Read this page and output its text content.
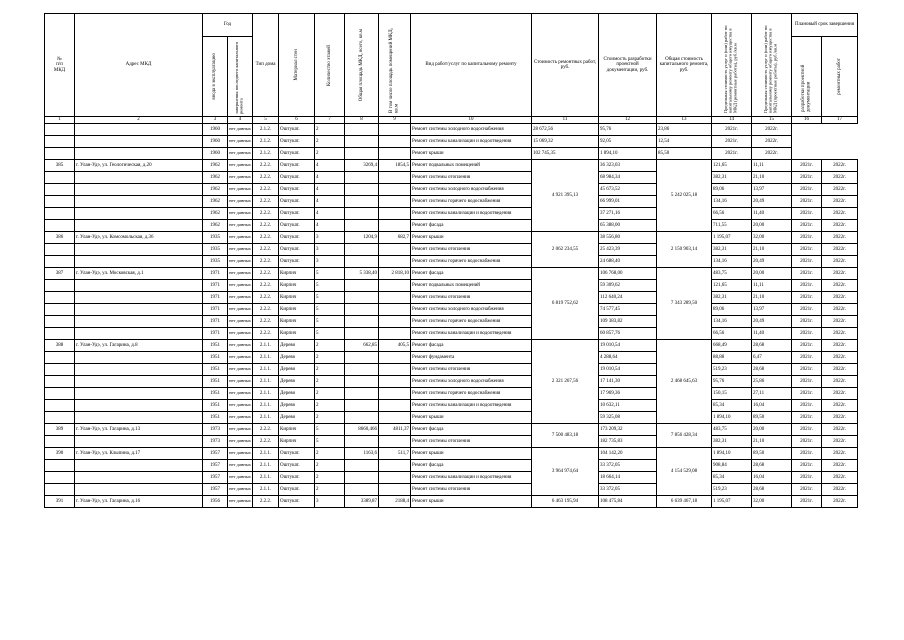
№
п/п
МКД	Адрес МКД	Год		Тип дома	Материал стен	Количество этажей	Общая площадь МКД, всего, кв.м	В том числе площадь помещений МКД, кв.м	Вид работ/услуг по капитальному ремонту	Стоимость ремонтных работ, руб.	Стоимость разработки проектной документации, руб.	Общая стоимость капитального ремонта, руб.	Предельная стоимость услуг и (или) работ по капитальному ремонту общего имущества в МКД (ремонтные работы), руб./кв.м	Предельная стоимость услуг и (или) работ по капитальному ремонту общего имущества в МКД (проектные работы), руб./кв.м	Плановый срок завершения	

		ввода в эксплуатацию	завершения последнего капитального ремонта												разработки проектной документации	ремонтных работ

1	2	3	4	5	6	7	8	9	10	11	12	13	14	15	16	17
		1960	нет данных	2.1.2.	Оштукат.	2			Ремонт системы холодного водоснабжения	28 672,56	95,76	23,86	2021г.	2022г.		
		1960	нет данных	2.1.2.	Оштукат.	2			Ремонт системы канализации и водоотведения	15 069,32	92,05	12,54	2021г.	2022г.		
		1960	нет данных	2.1.2.	Оштукат.	2			Ремонт крыши	102 745,35	1 894,10	85,50	2021г.	2022г.		
385	г. Улан-Удэ, ул. Геологическая, д.20	1962	нет данных	2.2.2.	Оштукат.	4	3269,4	1854,5	Ремонт подвальных помещений	4 921 395,13	36 323,03	5 242 025,18	121,65	11,11	2021г.	2022г.
		1962	нет данных	2.2.2.	Оштукат.	4			Ремонт системы отопления		68 984,34		382,31	21,10	2021г.	2022г.
		1962	нет данных	2.2.2.	Оштукат.	4			Ремонт системы холодного водоснабжения		45 673,52		89,06	13,97	2021г.	2022г.
		1962	нет данных	2.2.2.	Оштукат.	4			Ремонт системы горячего водоснабжения		66 999,01		134,16	20,49	2021г.	2022г.
		1962	нет данных	2.2.2.	Оштукат.	4			Ремонт системы канализации и водоотведения		37 271,16		66,56	11,40	2021г.	2022г.
		1962	нет данных	2.2.2.	Оштукат.	4			Ремонт фасада		65 388,00		711,55	20,00	2021г.	2022г.
386	г. Улан-Удэ, ул. Комсомольская, д.36	1935	нет данных	2.2.2.	Оштукат.	3	1204,9	682,7	Ремонт крыши	2 062 234,55	38 556,80	2 150 903,14	1 195,07	32,00	2021г.	2022г.
		1935	нет данных	2.2.2.	Оштукат.	3			Ремонт системы отопления		25 423,39		382,31	21,10	2021г.	2022г.
		1935	нет данных	2.2.2.	Оштукат.	3			Ремонт системы горячего водоснабжения		24 688,40		134,16	20,49	2021г.	2022г.
387	г. Улан-Удэ, ул. Московская, д.1	1971	нет данных	2.2.2.	Кирпич	5	5 338,40	2 818,10	Ремонт фасада	6 819 752,62	106 768,00	7 343 289,50	483,75	20,00	2021г.	2022г.
		1971	нет данных	2.2.2.	Кирпич	5			Ремонт подвальных помещений		59 309,62		121,65	11,11	2021г.	2022г.
		1971	нет данных	2.2.2.	Кирпич	5			Ремонт системы отопления		112 640,24		382,31	21,10	2021г.	2022г.
		1971	нет данных	2.2.2.	Кирпич	5			Ремонт системы холодного водоснабжения		74 577,45		89,06	13,97	2021г.	2022г.
		1971	нет данных	2.2.2.	Кирпич	5			Ремонт системы горячего водоснабжения		109 383,82		134,16	20,49	2021г.	2022г.
		1971	нет данных	2.2.2.	Кирпич	5			Ремонт системы канализации и водоотведения		60 857,76		66,56	11,40	2021г.	2022г.
388	г. Улан-Удэ, ул. Гагарина, д.8	1951	нет данных	2.1.1.	Дерево	2	662,85	405,5	Ремонт фасада	2 321 267,56	19 010,54	2 468 645,63	668,49	28,68	2021г.	2022г.
		1951	нет данных	2.1.1.	Дерево	2			Ремонт фундамента		4 288,64		88,88	6,47	2021г.	2022г.
		1951	нет данных	2.1.1.	Дерево	2			Ремонт системы отопления		19 010,54		519,23	28,68	2021г.	2022г.
		1951	нет данных	2.1.1.	Дерево	2			Ремонт системы холодного водоснабжения		17 141,30		95,76	25,86	2021г.	2022г.
		1951	нет данных	2.1.1.	Дерево	2			Ремонт системы горячего водоснабжения		17 969,36		150,15	27,11	2021г.	2022г.
		1951	нет данных	2.1.1.	Дерево	2			Ремонт системы канализации и водоотведения		10 632,11		85,34	16,04	2021г.	2022г.
		1951	нет данных	2.1.1.	Дерево	2			Ремонт крыши		59 325,08		1 894,10	89,50	2021г.	2022г.
389	г. Улан-Удэ, ул. Гагарина, д.13	1973	нет данных	2.2.2.	Кирпич	5	8660,466	4811,37	Ремонт фасада	7 500 483,18	173 209,32	7 856 428,34	483,75	20,00	2021г.	2022г.
		1973	нет данных	2.2.2.	Кирпич	5			Ремонт системы отопления		182 735,83		382,31	21,10	2021г.	2022г.
390	г. Улан-Удэ, ул. Клыпина, д.17	1957	нет данных	2.1.1.	Оштукат.	2	1163,6	511,7	Ремонт крыши	3 964 974,64	104 142,20	4 154 529,08	1 894,10	89,50	2021г.	2022г.
		1957	нет данных	2.1.1.	Оштукат.	2			Ремонт фасада		33 372,05		908,84	28,68	2021г.	2022г.
		1957	нет данных	2.1.1.	Оштукат.	2			Ремонт системы канализации и водоотведения		18 664,14		85,34	16,04	2021г.	2022г.
		1957	нет данных	2.1.1.	Оштукат.	2			Ремонт системы отопления		33 372,05		519,23	28,68	2021г.	2022г.
391	г. Улан-Удэ, ул. Гагарина, д.16	1956	нет данных	2.2.2.	Оштукат.	3	3389,87	2188,4	Ремонт крыши	6 463 195,94	108 475,84	6 639 467,18	1 195,07	32,00	2021г.	2022г.
